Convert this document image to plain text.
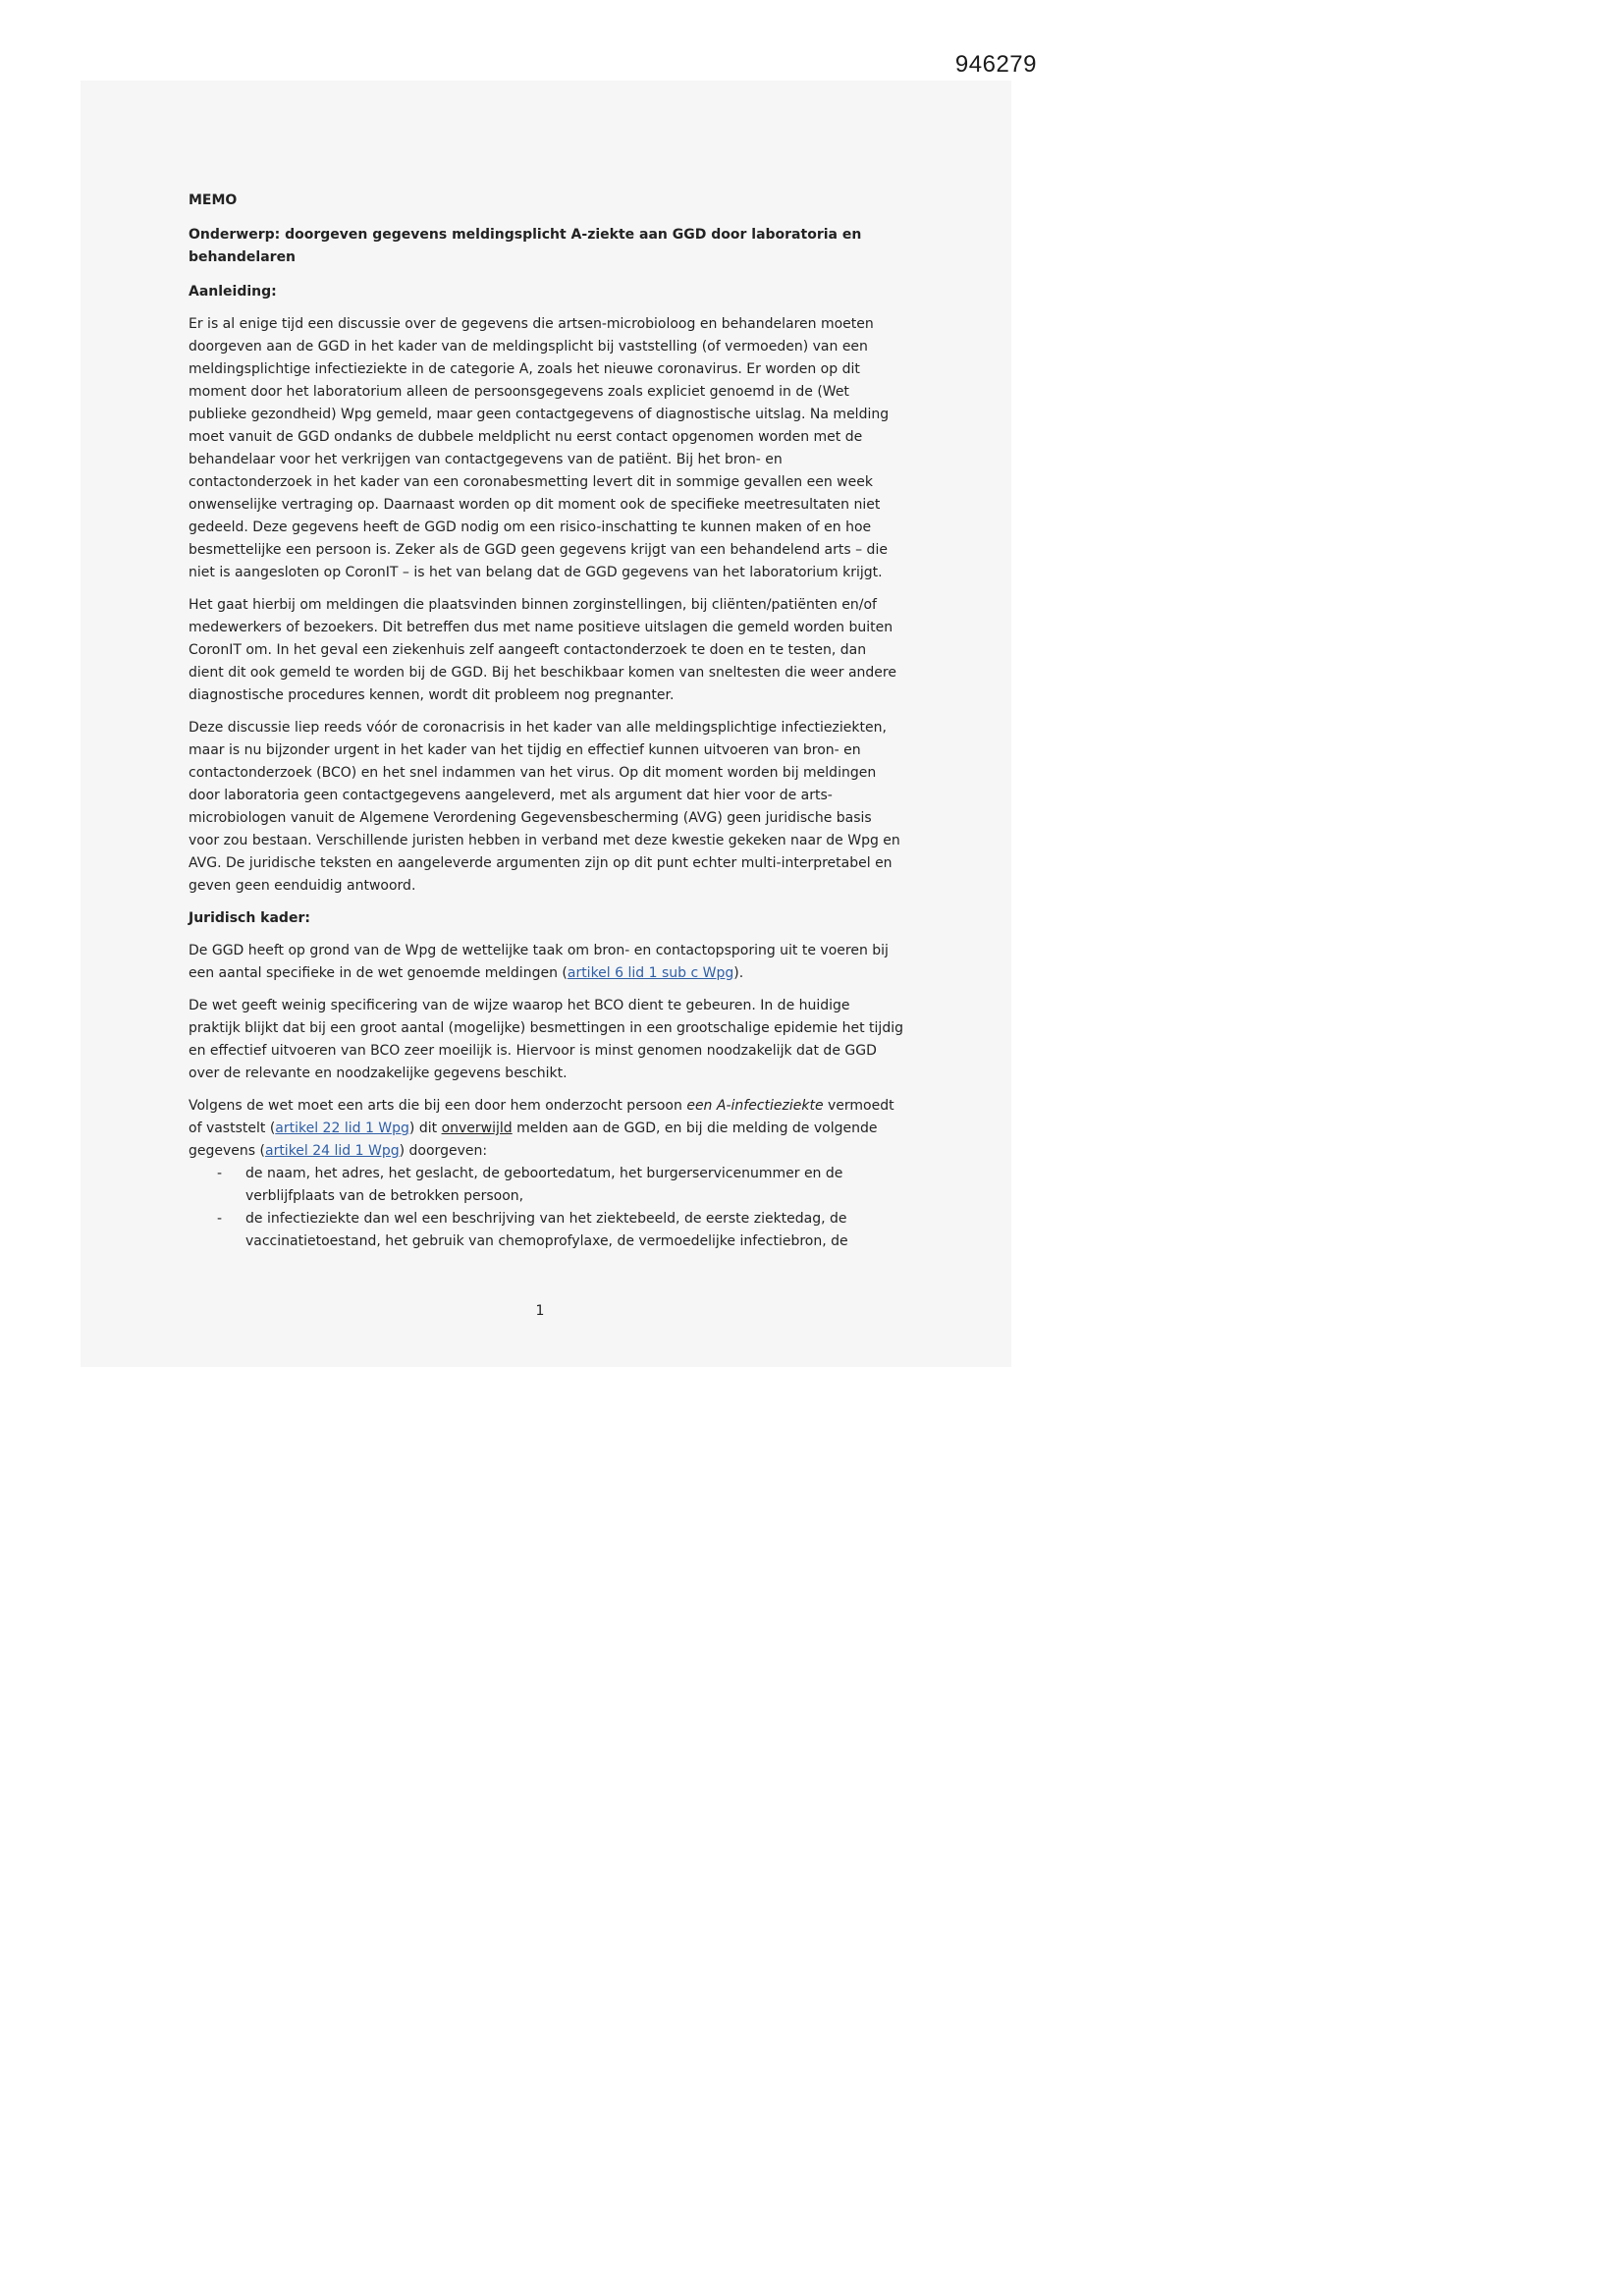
946279

MEMO

Onderwerp: doorgeven gegevens meldingsplicht A-ziekte aan GGD door laboratoria en behandelaren

Aanleiding:

Er is al enige tijd een discussie over de gegevens die artsen-microbioloog en behandelaren moeten doorgeven aan de GGD in het kader van de meldingsplicht bij vaststelling (of vermoeden) van een meldingsplichtige infectieziekte in de categorie A, zoals het nieuwe coronavirus. Er worden op dit moment door het laboratorium alleen de persoonsgegevens zoals expliciet genoemd in de (Wet publieke gezondheid) Wpg gemeld, maar geen contactgegevens of diagnostische uitslag. Na melding moet vanuit de GGD ondanks de dubbele meldplicht nu eerst contact opgenomen worden met de behandelaar voor het verkrijgen van contactgegevens van de patiënt. Bij het bron- en contactonderzoek in het kader van een coronabesmetting levert dit in sommige gevallen een week onwenselijke vertraging op. Daarnaast worden op dit moment ook de specifieke meetresultaten niet gedeeld. Deze gegevens heeft de GGD nodig om een risico-inschatting te kunnen maken of en hoe besmettelijke een persoon is. Zeker als de GGD geen gegevens krijgt van een behandelend arts – die niet is aangesloten op CoronIT – is het van belang dat de GGD gegevens van het laboratorium krijgt.

Het gaat hierbij om meldingen die plaatsvinden binnen zorginstellingen, bij cliënten/patiënten en/of medewerkers of bezoekers. Dit betreffen dus met name positieve uitslagen die gemeld worden buiten CoronIT om. In het geval een ziekenhuis zelf aangeeft contactonderzoek te doen en te testen, dan dient dit ook gemeld te worden bij de GGD. Bij het beschikbaar komen van sneltesten die weer andere diagnostische procedures kennen, wordt dit probleem nog pregnanter.

Deze discussie liep reeds vóór de coronacrisis in het kader van alle meldingsplichtige infectieziekten, maar is nu bijzonder urgent in het kader van het tijdig en effectief kunnen uitvoeren van bron- en contactonderzoek (BCO) en het snel indammen van het virus. Op dit moment worden bij meldingen door laboratoria geen contactgegevens aangeleverd, met als argument dat hier voor de arts-microbiologen vanuit de Algemene Verordening Gegevensbescherming (AVG) geen juridische basis voor zou bestaan. Verschillende juristen hebben in verband met deze kwestie gekeken naar de Wpg en AVG. De juridische teksten en aangeleverde argumenten zijn op dit punt echter multi-interpretabel en geven geen eenduidig antwoord.

Juridisch kader:

De GGD heeft op grond van de Wpg de wettelijke taak om bron- en contactopsporing uit te voeren bij een aantal specifieke in de wet genoemde meldingen (artikel 6 lid 1 sub c Wpg).

De wet geeft weinig specificering van de wijze waarop het BCO dient te gebeuren. In de huidige praktijk blijkt dat bij een groot aantal (mogelijke) besmettingen in een grootschalige epidemie het tijdig en effectief uitvoeren van BCO zeer moeilijk is. Hiervoor is minst genomen noodzakelijk dat de GGD over de relevante en noodzakelijke gegevens beschikt.

Volgens de wet moet een arts die bij een door hem onderzocht persoon een A-infectieziekte vermoedt of vaststelt (artikel 22 lid 1 Wpg) dit onverwijld melden aan de GGD, en bij die melding de volgende gegevens (artikel 24 lid 1 Wpg) doorgeven:

- de naam, het adres, het geslacht, de geboortedatum, het burgerservicenummer en de verblijfplaats van de betrokken persoon,
- de infectieziekte dan wel een beschrijving van het ziektebeeld, de eerste ziektedag, de vaccinatietoestand, het gebruik van chemoprofylaxe, de vermoedelijke infectiebron, de
1
